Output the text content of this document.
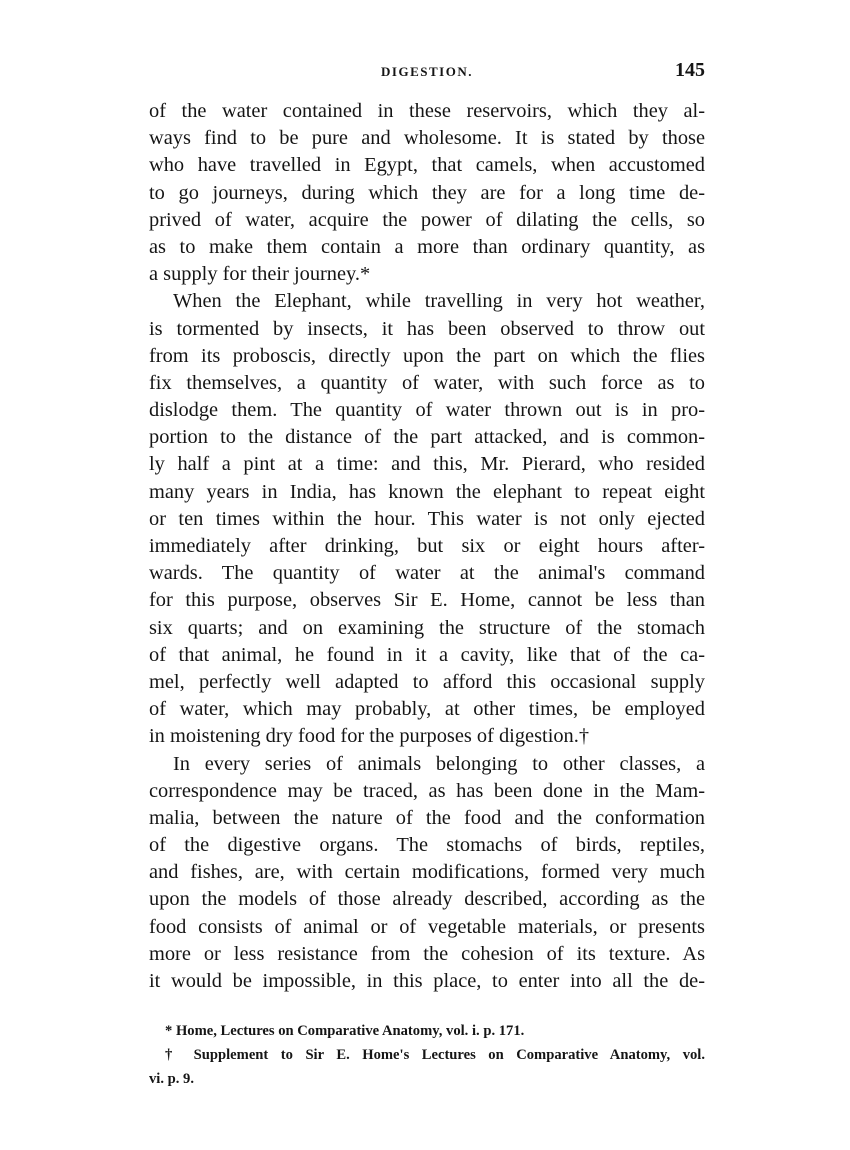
DIGESTION.	145
of the water contained in these reservoirs, which they al-
ways find to be pure and wholesome. It is stated by those
who have travelled in Egypt, that camels, when accustomed
to go journeys, during which they are for a long time de-
prived of water, acquire the power of dilating the cells, so
as to make them contain a more than ordinary quantity, as
a supply for their journey.*
When the Elephant, while travelling in very hot weather,
is tormented by insects, it has been observed to throw out
from its proboscis, directly upon the part on which the flies
fix themselves, a quantity of water, with such force as to
dislodge them. The quantity of water thrown out is in pro-
portion to the distance of the part attacked, and is common-
ly half a pint at a time: and this, Mr. Pierard, who resided
many years in India, has known the elephant to repeat eight
or ten times within the hour. This water is not only ejected
immediately after drinking, but six or eight hours after-
wards. The quantity of water at the animal's command
for this purpose, observes Sir E. Home, cannot be less than
six quarts; and on examining the structure of the stomach
of that animal, he found in it a cavity, like that of the ca-
mel, perfectly well adapted to afford this occasional supply
of water, which may probably, at other times, be employed
in moistening dry food for the purposes of digestion.†
In every series of animals belonging to other classes, a
correspondence may be traced, as has been done in the Mam-
malia, between the nature of the food and the conformation
of the digestive organs. The stomachs of birds, reptiles,
and fishes, are, with certain modifications, formed very much
upon the models of those already described, according as the
food consists of animal or of vegetable materials, or presents
more or less resistance from the cohesion of its texture. As
it would be impossible, in this place, to enter into all the de-
* Home, Lectures on Comparative Anatomy, vol. i. p. 171.
† Supplement to Sir E. Home's Lectures on Comparative Anatomy, vol.
vi. p. 9.
